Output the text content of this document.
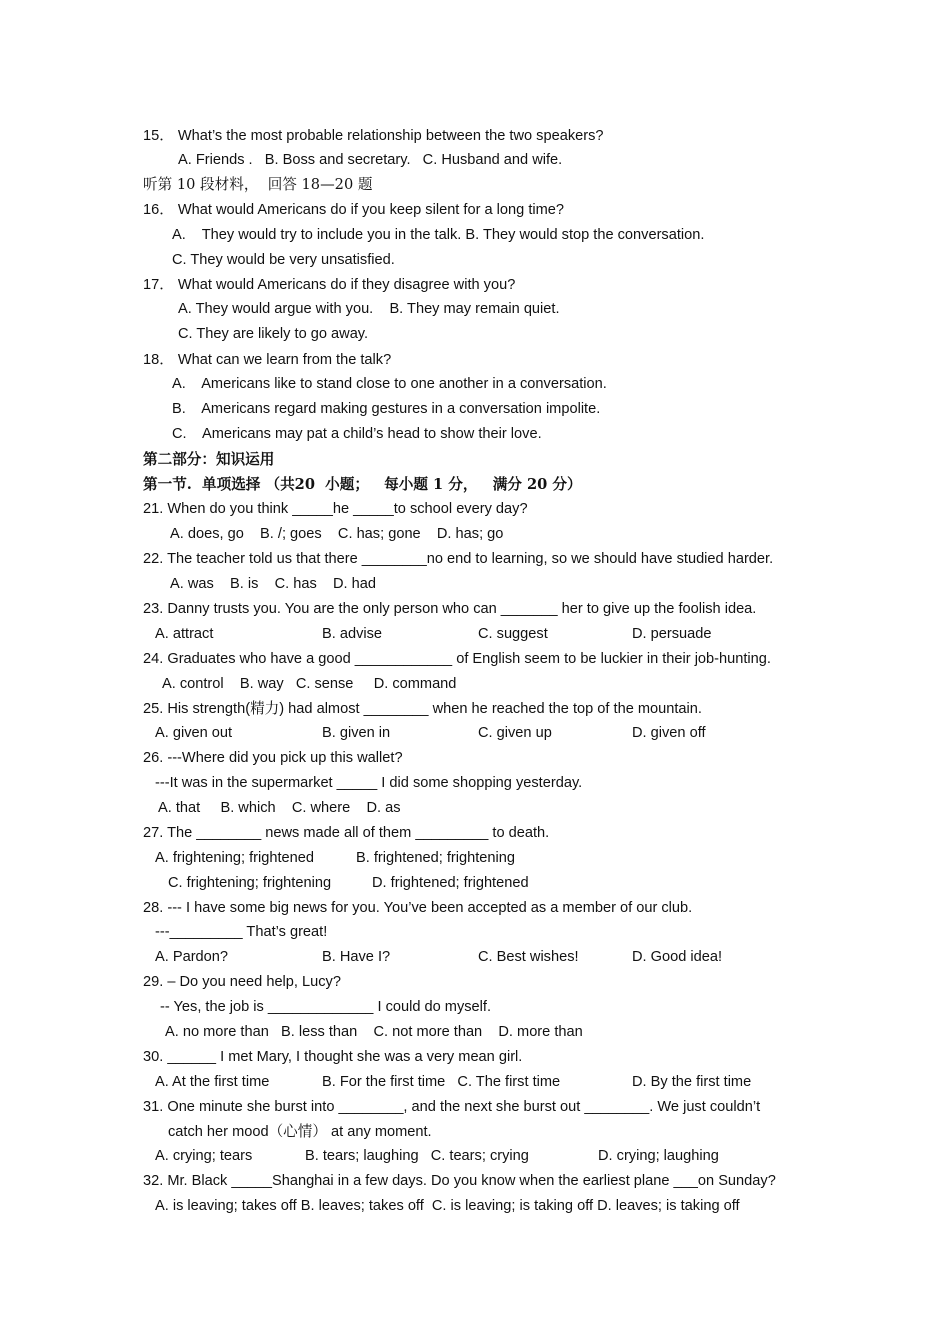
15． What’s the most probable relationship between the two speakers?
A. Friends .   B. Boss and secretary.   C. Husband and wife.
听第 10 段材料，  回答 18—20 题
16． What would Americans do if you keep silent for a long time?
A.    They would try to include you in the talk. B. They would stop the conversation.
C. They would be very unsatisfied.
17． What would Americans do if they disagree with you?
A. They would argue with you.    B. They may remain quiet.
C. They are likely to go away.
18． What can we learn from the talk?
A.    Americans like to stand close to one another in a conversation.
B.    Americans regard making gestures in a conversation impolite.
C.    Americans may pat a child’s head to show their love.
第二部分：知识运用
第一节.  单项选择 （共20  小题；   每小题 1 分，   满分 20 分）
21. When do you think _____he _____to school every day?
A. does, go    B. /; goes    C. has; gone    D. has; go
22. The teacher told us that there ________no end to learning, so we should have studied harder.
A. was    B. is    C. has    D. had
23. Danny trusts you. You are the only person who can _______ her to give up the foolish idea.
A. attract	B. advise	C. suggest	D. persuade
24. Graduates who have a good ____________ of English seem to be luckier in their job-hunting.
A. control    B. way   C. sense     D. command
25. His strength(精力) had almost ________ when he reached the top of the mountain.
A. given out	B. given in	C. given up	D. given off
26. ---Where did you pick up this wallet?
---It was in the supermarket _____ I did some shopping yesterday.
A. that     B. which    C. where    D. as
27. The ________ news made all of them _________ to death.
A. frightening; frightened	B. frightened; frightening
C. frightening; frightening	D. frightened; frightened
28. --- I have some big news for you. You’ve been accepted as a member of our club.
---_________ That’s great!
A. Pardon?	B. Have I?	C. Best wishes!	D. Good idea!
29. – Do you need help, Lucy?
-- Yes, the job is _____________ I could do myself.
A. no more than   B. less than    C. not more than    D. more than
30. ______ I met Mary, I thought she was a very mean girl.
A. At the first time	B. For the first time   C. The first time	D. By the first time
31. One minute she burst into ________, and the next she burst out ________. We just couldn’t
catch her mood（心情） at any moment.
A. crying; tears	B. tears; laughing   C. tears; crying	D. crying; laughing
32. Mr. Black _____Shanghai in a few days. Do you know when the earliest plane ___on Sunday?
A. is leaving; takes off B. leaves; takes off  C. is leaving; is taking off D. leaves; is taking off
